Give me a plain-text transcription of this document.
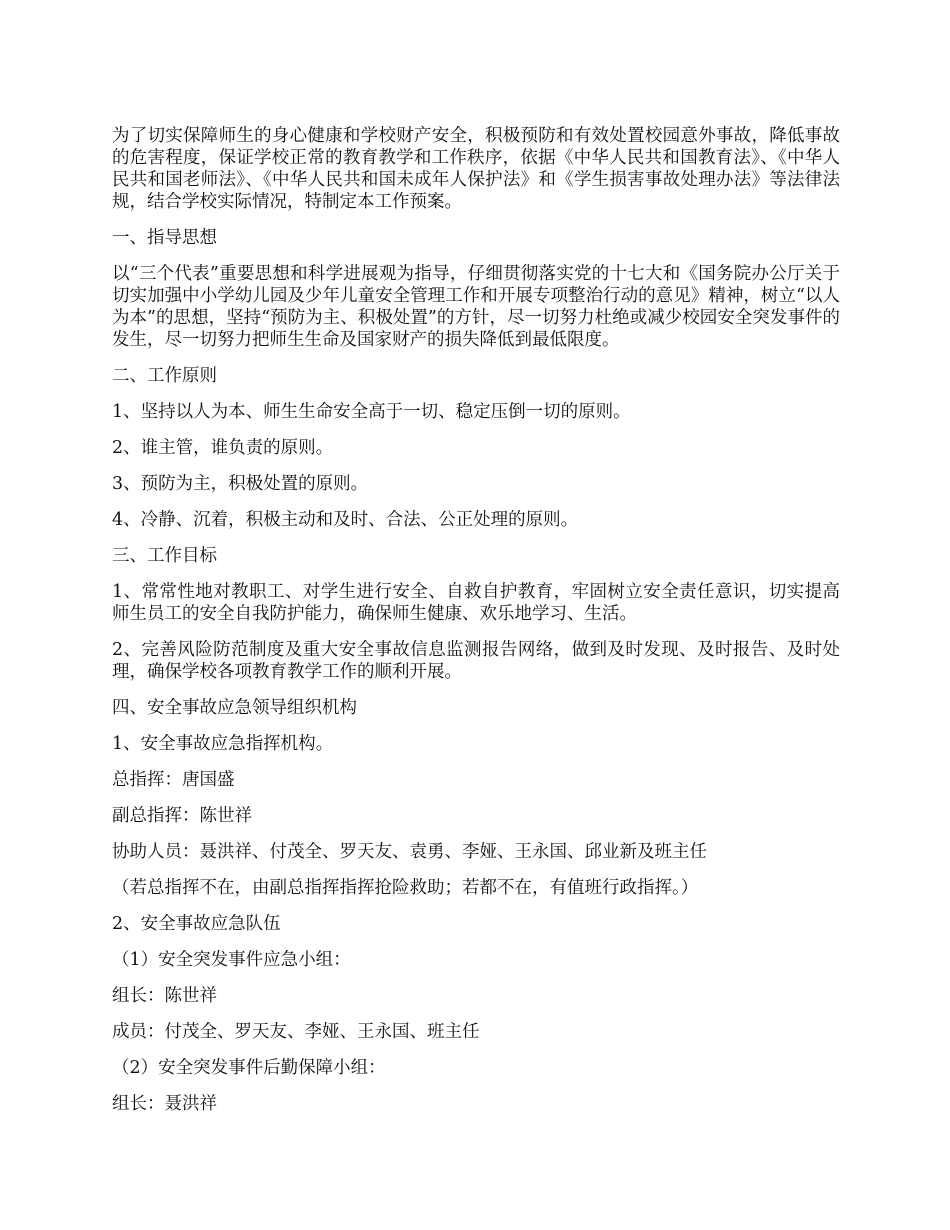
为了切实保障师生的身心健康和学校财产安全，积极预防和有效处置校园意外事故，降低事故的危害程度，保证学校正常的教育教学和工作秩序，依据《中华人民共和国教育法》、《中华人民共和国老师法》、《中华人民共和国未成年人保护法》和《学生损害事故处理办法》等法律法规，结合学校实际情况，特制定本工作预案。

一、指导思想

以“三个代表”重要思想和科学进展观为指导，仔细贯彻落实党的十七大和《国务院办公厅关于切实加强中小学幼儿园及少年儿童安全管理工作和开展专项整治行动的意见》精神，树立“以人为本”的思想，坚持“预防为主、积极处置”的方针，尽一切努力杜绝或减少校园安全突发事件的发生，尽一切努力把师生生命及国家财产的损失降低到最低限度。

二、工作原则

1、坚持以人为本、师生生命安全高于一切、稳定压倒一切的原则。

2、谁主管，谁负责的原则。

3、预防为主，积极处置的原则。

4、冷静、沉着，积极主动和及时、合法、公正处理的原则。

三、工作目标

1、常常性地对教职工、对学生进行安全、自救自护教育，牢固树立安全责任意识，切实提高师生员工的安全自我防护能力，确保师生健康、欢乐地学习、生活。

2、完善风险防范制度及重大安全事故信息监测报告网络，做到及时发现、及时报告、及时处理，确保学校各项教育教学工作的顺利开展。

四、安全事故应急领导组织机构

1、安全事故应急指挥机构。

总指挥：唐国盛

副总指挥：陈世祥

协助人员：聂洪祥、付茂全、罗天友、袁勇、李娅、王永国、邱业新及班主任

（若总指挥不在，由副总指挥指挥抢险救助；若都不在，有值班行政指挥。）

2、安全事故应急队伍

（1）安全突发事件应急小组：

组长：陈世祥

成员：付茂全、罗天友、李娅、王永国、班主任

（2）安全突发事件后勤保障小组：

组长：聂洪祥
